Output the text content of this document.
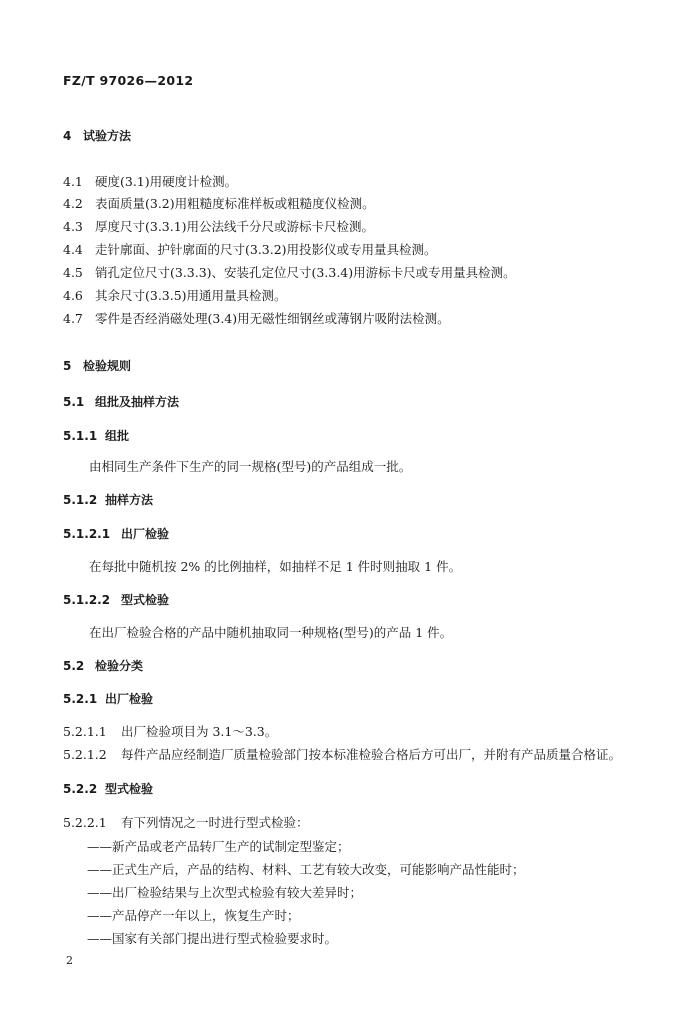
FZ/T 97026—2012
4 试验方法
4.1 硬度(3.1)用硬度计检测。
4.2 表面质量(3.2)用粗糙度标准样板或粗糙度仪检测。
4.3 厚度尺寸(3.3.1)用公法线千分尺或游标卡尺检测。
4.4 走针廓面、护针廓面的尺寸(3.3.2)用投影仪或专用量具检测。
4.5 销孔定位尺寸(3.3.3)、安装孔定位尺寸(3.3.4)用游标卡尺或专用量具检测。
4.6 其余尺寸(3.3.5)用通用量具检测。
4.7 零件是否经消磁处理(3.4)用无磁性细钢丝或薄钢片吸附法检测。
5 检验规则
5.1 组批及抽样方法
5.1.1 组批
由相同生产条件下生产的同一规格(型号)的产品组成一批。
5.1.2 抽样方法
5.1.2.1 出厂检验
在每批中随机按 2% 的比例抽样，如抽样不足 1 件时则抽取 1 件。
5.1.2.2 型式检验
在出厂检验合格的产品中随机抽取同一种规格(型号)的产品 1 件。
5.2 检验分类
5.2.1 出厂检验
5.2.1.1 出厂检验项目为 3.1～3.3。
5.2.1.2 每件产品应经制造厂质量检验部门按本标准检验合格后方可出厂，并附有产品质量合格证。
5.2.2 型式检验
5.2.2.1 有下列情况之一时进行型式检验：
——新产品或老产品转厂生产的试制定型鉴定；
——正式生产后，产品的结构、材料、工艺有较大改变，可能影响产品性能时；
——出厂检验结果与上次型式检验有较大差异时；
——产品停产一年以上，恢复生产时；
——国家有关部门提出进行型式检验要求时。
2
